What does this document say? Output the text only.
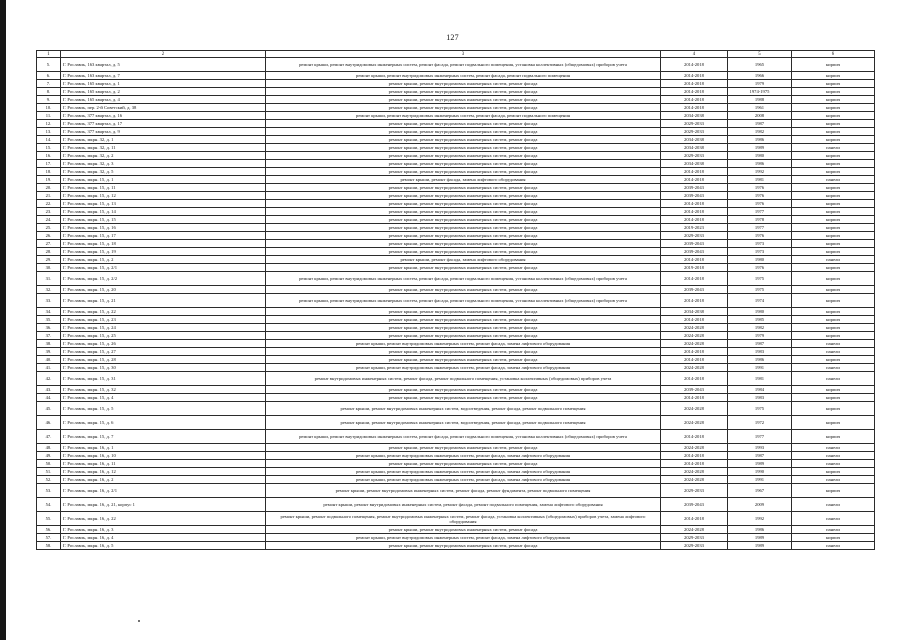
127
1	2	3	4	5	6
5.	Г. Рославль, 163 квартал, д. 5	ремонт крыши, ремонт внутридомовых инженерных систем, ремонт фасада, ремонт подвального помещения, установка коллективных (общедомовых) приборов учета	2014-2018	1965	кирпич
6.	Г. Рославль, 163 квартал, д. 7	ремонт крыши, ремонт внутридомовых инженерных систем, ремонт фасада, ремонт подвального помещения	2014-2018	1966	кирпич
7.	Г. Рославль, 165 квартал, д. 1	ремонт крыши, ремонт внутридомовых инженерных систем, ремонт фасада	2014-2018	1979	кирпич
8.	Г. Рославль, 165 квартал, д. 2	ремонт крыши, ремонт внутридомовых инженерных систем, ремонт фасада	2014-2018	1974-1975	кирпич
9.	Г. Рославль, 165 квартал, д. 4	ремонт крыши, ремонт внутридомовых инженерных систем, ремонт фасада	2014-2018	1988	кирпич
10.	Г. Рославль, пер. 2-й Советский, д. 38	ремонт крыши, ремонт внутридомовых инженерных систем, ремонт фасада	2014-2018	1961	кирпич
11.	Г. Рославль, 377 квартал, д. 16	ремонт крыши, ремонт внутридомовых инженерных систем, ремонт фасада, ремонт подвального помещения	2034-2038	2008	кирпич
12.	Г. Рославль, 377 квартал, д. 17	ремонт крыши, ремонт внутридомовых инженерных систем, ремонт фасада	2029-2033	1987	кирпич
13.	Г. Рославль, 377 квартал, д. 9	ремонт крыши, ремонт внутридомовых инженерных систем, ремонт фасада	2029-2033	1982	кирпич
14.	Г. Рославль, мкрн. 32, д. 1	ремонт крыши, ремонт внутридомовых инженерных систем, ремонт фасада	2034-2038	1986	кирпич
15.	Г. Рославль, мкрн. 32, д. 11	ремонт крыши, ремонт внутридомовых инженерных систем, ремонт фасада	2034-2038	1989	панели
16.	Г. Рославль, мкрн. 32, д. 2	ремонт крыши, ремонт внутридомовых инженерных систем, ремонт фасада	2029-2033	1980	кирпич
17.	Г. Рославль, мкрн. 32, д. 3	ремонт крыши, ремонт внутридомовых инженерных систем, ремонт фасада	2034-2038	1986	кирпич
18.	Г. Рославль, мкрн. 32, д. 5	ремонт крыши, ремонт внутридомовых инженерных систем, ремонт фасада	2014-2018	1992	кирпич
19.	Г. Рославль, мкрн. 15, д. 1	ремонт крыши, ремонт фасада, замена лифтового оборудования	2014-2018	1981	панели
20.	Г. Рославль, мкрн. 15, д. 11	ремонт крыши, ремонт внутридомовых инженерных систем, ремонт фасада	2039-2043	1976	кирпич
21.	Г. Рославль, мкрн. 15, д. 12	ремонт крыши, ремонт внутридомовых инженерных систем, ремонт фасада	2039-2043	1976	кирпич
22.	Г. Рославль, мкрн. 15, д. 13	ремонт крыши, ремонт внутридомовых инженерных систем, ремонт фасада	2014-2018	1976	кирпич
23.	Г. Рославль, мкрн. 15, д. 14	ремонт крыши, ремонт внутридомовых инженерных систем, ремонт фасада	2014-2018	1977	кирпич
24.	Г. Рославль, мкрн. 15, д. 15	ремонт крыши, ремонт внутридомовых инженерных систем, ремонт фасада	2014-2018	1978	кирпич
25.	Г. Рославль, мкрн. 15, д. 16	ремонт крыши, ремонт внутридомовых инженерных систем, ремонт фасада	2019-2023	1977	кирпич
26.	Г. Рославль, мкрн. 15, д. 17	ремонт крыши, ремонт внутридомовых инженерных систем, ремонт фасада	2029-2033	1976	кирпич
27.	Г. Рославль, мкрн. 15, д. 18	ремонт крыши, ремонт внутридомовых инженерных систем, ремонт фасада	2039-2043	1973	кирпич
28.	Г. Рославль, мкрн. 15, д. 19	ремонт крыши, ремонт внутридомовых инженерных систем, ремонт фасада	2039-2043	1973	кирпич
29.	Г. Рославль, мкрн. 15, д. 2	ремонт крыши, ремонт фасада, замена лифтового оборудования	2014-2018	1980	панели
30.	Г. Рославль, мкрн. 15, д. 2/1	ремонт крыши, ремонт внутридомовых инженерных систем, ремонт фасада	2019-2018	1976	кирпич
31.	Г. Рославль, мкрн. 15, д. 2/2	ремонт крыши, ремонт внутридомовых инженерных систем, ремонт фасада, ремонт подвального помещения, установка коллективных (общедомовых) приборов учета	2014-2018	1975	кирпич
32.	Г. Рославль, мкрн. 15, д. 20	ремонт крыши, ремонт внутридомовых инженерных систем, ремонт фасада	2039-2043	1975	кирпич
33.	Г. Рославль, мкрн. 15, д. 21	ремонт крыши, ремонт внутридомовых инженерных систем, ремонт фасада, ремонт подвального помещения, установка коллективных (общедомовых) приборов учета	2014-2018	1974	кирпич
34.	Г. Рославль, мкрн. 15, д. 22	ремонт крыши, ремонт внутридомовых инженерных систем, ремонт фасада	2034-2038	1980	кирпич
35.	Г. Рославль, мкрн. 15, д. 23	ремонт крыши, ремонт внутридомовых инженерных систем, ремонт фасада	2014-2018	1985	кирпич
36.	Г. Рославль, мкрн. 15, д. 24	ремонт крыши, ремонт внутридомовых инженерных систем, ремонт фасада	2024-2028	1982	кирпич
37.	Г. Рославль, мкрн. 15, д. 25	ремонт крыши, ремонт внутридомовых инженерных систем, ремонт фасада	2024-2028	1979	кирпич
38.	Г. Рославль, мкрн. 15, д. 26	ремонт крыши, ремонт внутридомовых инженерных систем, ремонт фасада, замена лифтового оборудования	2024-2028	1987	панели
39.	Г. Рославль, мкрн. 15, д. 27	ремонт крыши, ремонт внутридомовых инженерных систем, ремонт фасада	2014-2018	1983	панели
40.	Г. Рославль, мкрн. 15, д. 28	ремонт крыши, ремонт внутридомовых инженерных систем, ремонт фасада	2014-2018	1986	кирпич
41.	Г. Рославль, мкрн. 15, д. 30	ремонт крыши, ремонт внутридомовых инженерных систем, ремонт фасада, замена лифтового оборудования	2024-2028	1991	панели
42.	Г. Рославль, мкрн. 15, д. 31	ремонт внутридомовых инженерных систем, ремонт фасада, ремонт подвального помещения, установка коллективных (общедомовых) приборов учета	2014-2018	1981	панели
43.	Г. Рославль, мкрн. 15, д. 32	ремонт крыши, ремонт внутридомовых инженерных систем, ремонт фасада	2039-2043	1984	кирпич
44.	Г. Рославль, мкрн. 15, д. 4	ремонт крыши, ремонт внутридомовых инженерных систем, ремонт фасада	2014-2018	1983	кирпич
45.	Г. Рославль, мкрн. 15, д. 5	ремонт крыши, ремонт внутридомовых инженерных систем, водоотведения, ремонт фасада, ремонт подвального помещения	2024-2028	1975	кирпич
46.	Г. Рославль, мкрн. 15, д. 6	ремонт крыши, ремонт внутридомовых инженерных систем, водоотведения, ремонт фасада, ремонт подвального помещения	2024-2028	1972	кирпич
47.	Г. Рославль, мкрн. 15, д. 7	ремонт крыши, ремонт внутридомовых инженерных систем, ремонт фасада, ремонт подвального помещения, установка коллективных (общедомовых) приборов учета	2014-2018	1977	кирпич
48.	Г. Рославль, мкрн. 16, д. 1	ремонт крыши, ремонт внутридомовых инженерных систем, ремонт фасада	2024-2028	1993	панели
49.	Г. Рославль, мкрн. 16, д. 10	ремонт крыши, ремонт внутридомовых инженерных систем, ремонт фасада, замена лифтового оборудования	2014-2018	1987	панели
50.	Г. Рославль, мкрн. 16, д. 11	ремонт крыши, ремонт внутридомовых инженерных систем, ремонт фасада	2014-2018	1989	панели
51.	Г. Рославль, мкрн. 16, д. 12	ремонт крыши, ремонт внутридомовых инженерных систем, ремонт фасада, замена лифтового оборудования	2024-2028	1990	кирпич
52.	Г. Рославль, мкрн. 16, д. 2	ремонт крыши, ремонт внутридомовых инженерных систем, ремонт фасада, замена лифтового оборудования	2024-2028	1991	панели
53.	Г. Рославль, мкрн. 16, д. 2/1	ремонт крыши, ремонт внутридомовых инженерных систем, ремонт фасада, ремонт фундамента, ремонт подвального помещения	2029-2033	1967	кирпич
54.	Г. Рославль, мкрн. 16, д. 21, корпус 1	ремонт крыши, ремонт внутридомовых инженерных систем, ремонт фасада, ремонт подвального помещения, замена лифтового оборудования	2039-2043	2009	панели
55.	Г. Рославль, мкрн. 16, д. 22	ремонт крыши, ремонт подвального помещения, ремонт внутридомовых инженерных систем, ремонт фасада, установка коллективных (общедомовых) приборов учета, замена лифтового оборудования	2014-2018	1992	панели
56.	Г. Рославль, мкрн. 16, д. 3	ремонт крыши, ремонт внутридомовых инженерных систем, ремонт фасада	2024-2028	1986	панели
57.	Г. Рославль, мкрн. 16, д. 4	ремонт крыши, ремонт внутридомовых инженерных систем, ремонт фасада, замена лифтового оборудования	2029-2033	1989	кирпич
58.	Г. Рославль, мкрн. 16, д. 5	ремонт крыши, ремонт внутридомовых инженерных систем, ремонт фасада	2029-2033	1989	панели
